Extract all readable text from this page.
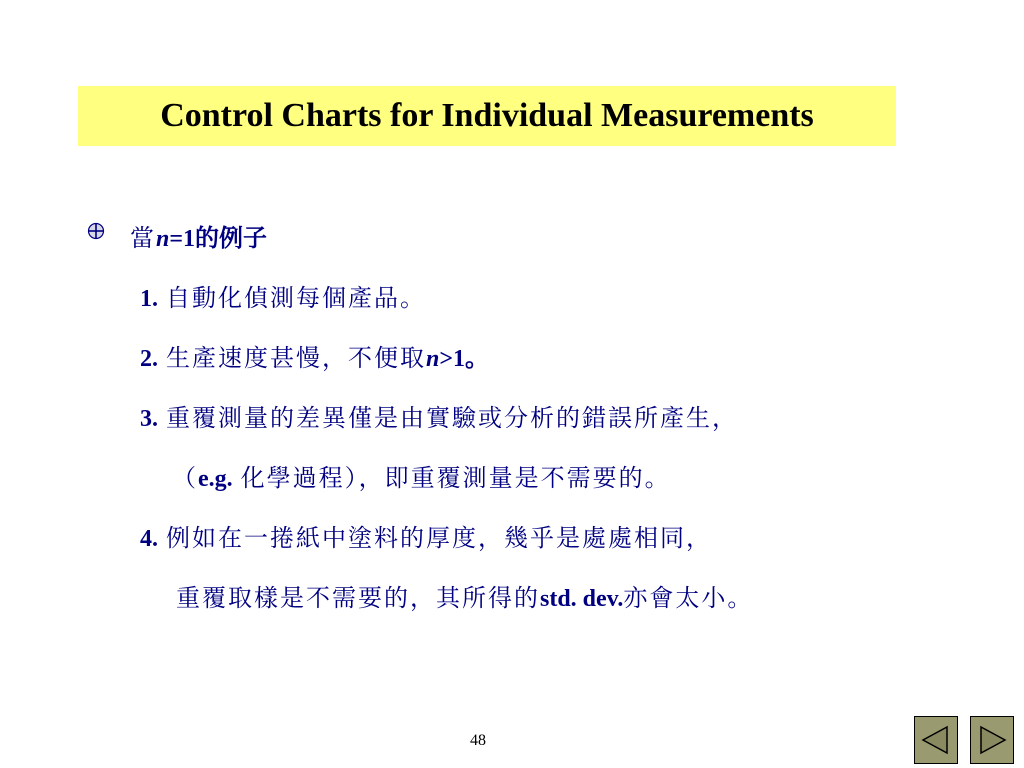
Control Charts for Individual Measurements
當n=1的例子
1. 自動化偵測每個產品。
2. 生產速度甚慢，不便取n>1。
3. 重覆測量的差異僅是由實驗或分析的錯誤所產生，
（e.g. 化學過程），即重覆測量是不需要的。
4. 例如在一捲紙中塗料的厚度，幾乎是處處相同，
重覆取樣是不需要的，其所得的std. dev.亦會太小。
48
